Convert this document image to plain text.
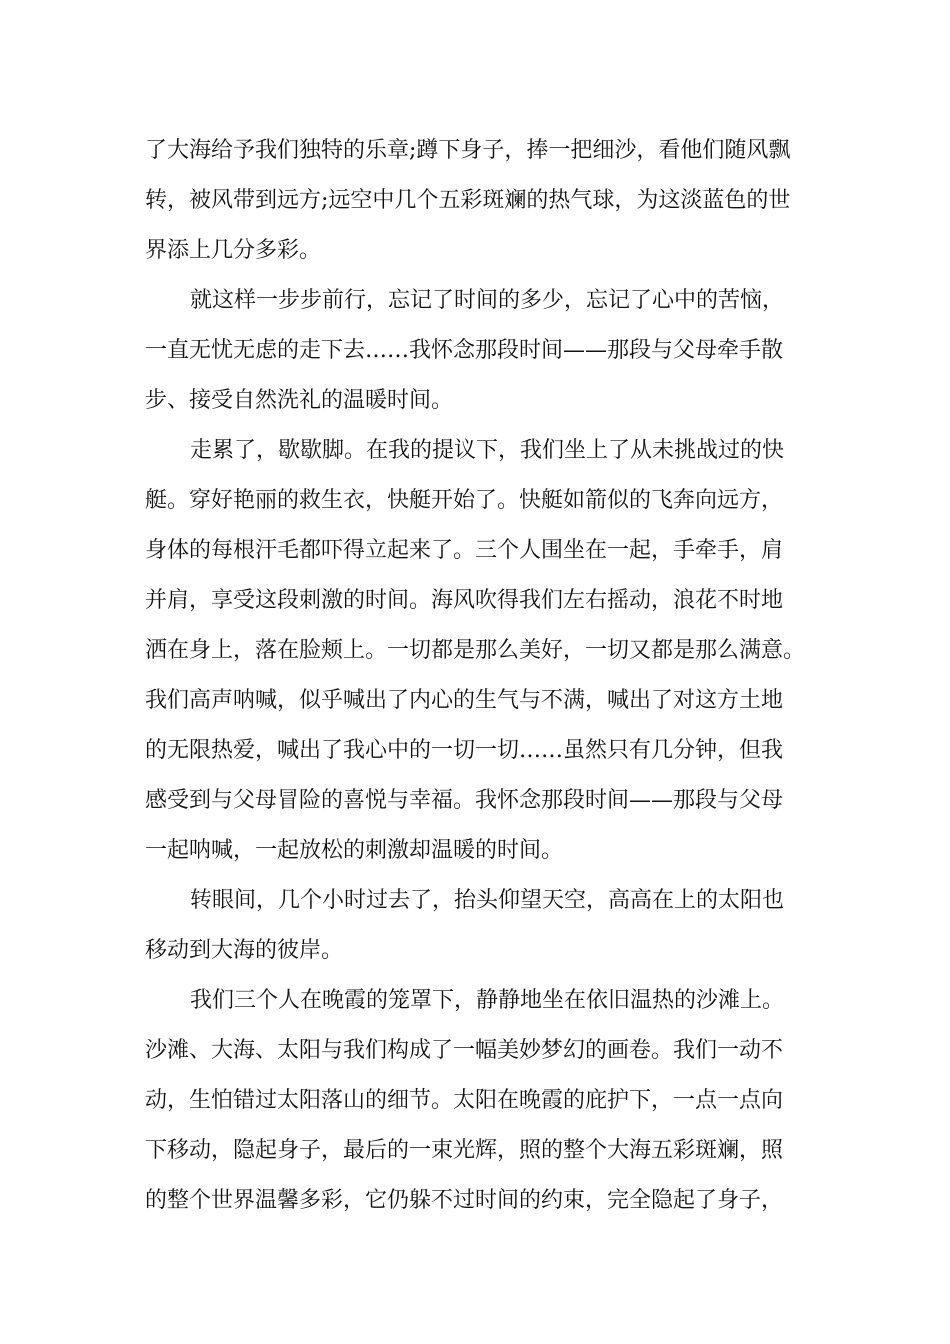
了大海给予我们独特的乐章;蹲下身子，捧一把细沙，看他们随风飘
转，被风带到远方;远空中几个五彩斑斓的热气球，为这淡蓝色的世
界添上几分多彩。
就这样一步步前行，忘记了时间的多少，忘记了心中的苦恼，
一直无忧无虑的走下去……我怀念那段时间——那段与父母牵手散
步、接受自然洗礼的温暖时间。
走累了，歇歇脚。在我的提议下，我们坐上了从未挑战过的快
艇。穿好艳丽的救生衣，快艇开始了。快艇如箭似的飞奔向远方，
身体的每根汗毛都吓得立起来了。三个人围坐在一起，手牵手，肩
并肩，享受这段刺激的时间。海风吹得我们左右摇动，浪花不时地
洒在身上，落在脸颊上。一切都是那么美好，一切又都是那么满意。
我们高声呐喊，似乎喊出了内心的生气与不满，喊出了对这方土地
的无限热爱，喊出了我心中的一切一切……虽然只有几分钟，但我
感受到与父母冒险的喜悦与幸福。我怀念那段时间——那段与父母
一起呐喊，一起放松的刺激却温暖的时间。
转眼间，几个小时过去了，抬头仰望天空，高高在上的太阳也
移动到大海的彼岸。
我们三个人在晚霞的笼罩下，静静地坐在依旧温热的沙滩上。
沙滩、大海、太阳与我们构成了一幅美妙梦幻的画卷。我们一动不
动，生怕错过太阳落山的细节。太阳在晚霞的庇护下，一点一点向
下移动，隐起身子，最后的一束光辉，照的整个大海五彩斑斓，照
的整个世界温馨多彩，它仍躲不过时间的约束，完全隐起了身子，
